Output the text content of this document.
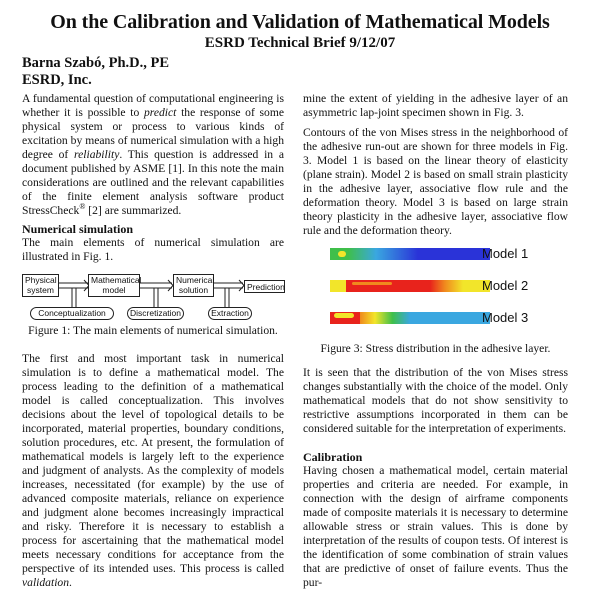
On the Calibration and Validation of Mathematical Models
ESRD Technical Brief 9/12/07
Barna Szabó, Ph.D., PE
ESRD, Inc.

A fundamental question of computational engineering is whether it is possible to predict the response of some physical system or process to various kinds of excitation by means of numerical simulation with a high degree of reliability. This question is addressed in a document published by ASME [1]. In this note the main considerations are outlined and the relevant capabilities of the finite element analysis software product StressCheck® [2] are summarized.

Numerical simulation

The main elements of numerical simulation are illustrated in Fig. 1.

Figure 1: The main elements of numerical simulation.

The first and most important task in numerical simulation is to define a mathematical model. The process leading to the definition of a mathematical model is called conceptualization. This involves decisions about the level of topological details to be incorporated, material properties, boundary conditions, solution procedures, etc. At present, the formulation of mathematical models is largely left to the experience and judgment of analysts. As the complexity of models increases, necessitated (for example) by the use of advanced composite materials, reliance on experience and judgment alone becomes increasingly impractical and risky. Therefore it is necessary to establish a process for ascertaining that the mathematical model meets necessary conditions for acceptance from the perspective of its intended uses. This process is called validation.

Physical system
Mathematical model
Numerical solution	Prediction
Conceptualization	Discretization	Extraction

mine the extent of yielding in the adhesive layer of an asymmetric lap-joint specimen shown in Fig. 3.

Contours of the von Mises stress in the neighborhood of the adhesive run-out are shown for three models in Fig. 3. Model 1 is based on the linear theory of elasticity (plane strain). Model 2 is based on small strain plasticity in the adhesive layer, associative flow rule and the deformation theory. Model 3 is based on large strain theory plasticity in the adhesive layer, associative flow rule and the deformation theory.

Figure 3: Stress distribution in the adhesive layer.

It is seen that the distribution of the von Mises stress changes substantially with the choice of the model. Only mathematical models that do not show sensitivity to restrictive assumptions incorporated in them can be considered suitable for the interpretation of experiments.

Calibration

Having chosen a mathematical model, certain material properties and criteria are needed. For example, in connection with the design of airframe components made of composite materials it is necessary to determine allowable stress or strain values. This is done by interpretation of the results of coupon tests. Of interest is the identification of some combination of strain values that are predictive of onset of failure events. Thus the pur-

Model 1
Model 2
Model 3
